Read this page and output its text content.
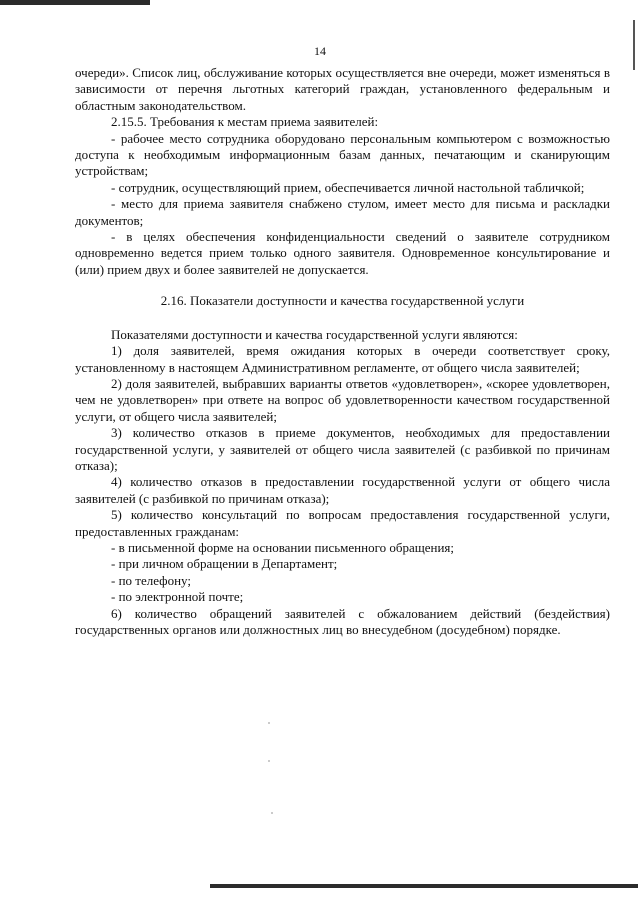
14

очереди». Список лиц, обслуживание которых осуществляется вне очереди, может изменяться в зависимости от перечня льготных категорий граждан, установленного федеральным и областным законодательством.

2.15.5. Требования к местам приема заявителей:

- рабочее место сотрудника оборудовано персональным компьютером с возможностью доступа к необходимым информационным базам данных, печатающим и сканирующим устройствам;

- сотрудник, осуществляющий прием, обеспечивается личной настольной табличкой;

- место для приема заявителя снабжено стулом, имеет место для письма и раскладки документов;

- в целях обеспечения конфиденциальности сведений о заявителе сотрудником одновременно ведется прием только одного заявителя. Одновременное консультирование и (или) прием двух и более заявителей не допускается.

2.16. Показатели доступности и качества государственной услуги

Показателями доступности и качества государственной услуги являются:

1) доля заявителей, время ожидания которых в очереди соответствует сроку, установленному в настоящем Административном регламенте, от общего числа заявителей;

2) доля заявителей, выбравших варианты ответов «удовлетворен», «скорее удовлетворен, чем не удовлетворен» при ответе на вопрос об удовлетворенности качеством государственной услуги, от общего числа заявителей;

3) количество отказов в приеме документов, необходимых для предоставлении государственной услуги, у заявителей от общего числа заявителей (с разбивкой по причинам отказа);

4) количество отказов в предоставлении государственной услуги от общего числа заявителей (с разбивкой по причинам отказа);

5) количество консультаций по вопросам предоставления государственной услуги, предоставленных гражданам:

- в письменной форме на основании письменного обращения;

- при личном обращении в Департамент;

- по телефону;

- по электронной почте;

6) количество обращений заявителей с обжалованием действий (бездействия) государственных органов или должностных лиц во внесудебном (досудебном) порядке.
